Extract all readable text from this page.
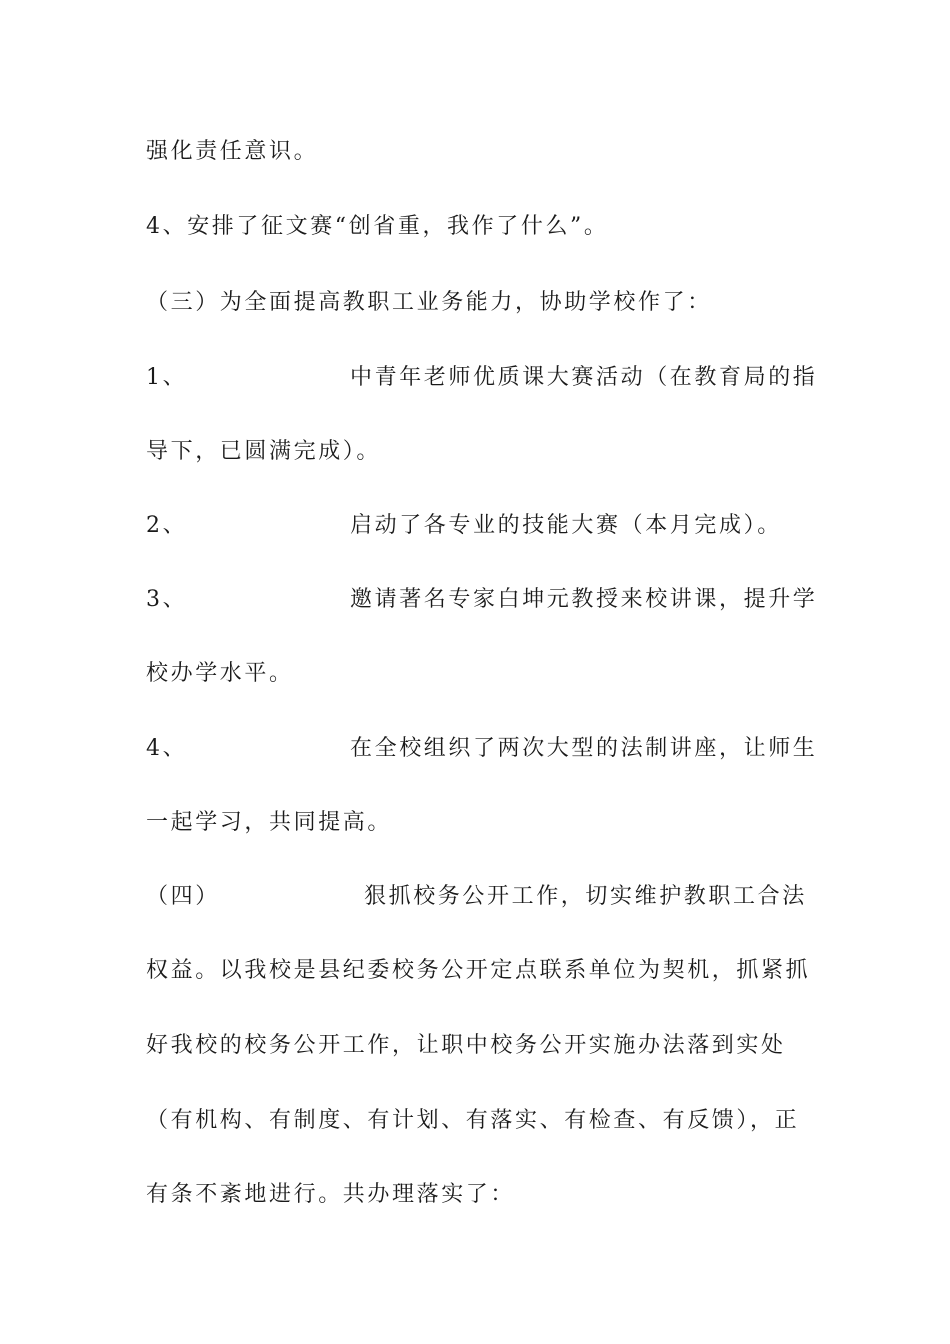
强化责任意识。
4、安排了征文赛“创省重，我作了什么”。
（三）为全面提高教职工业务能力，协助学校作了：
1、	中青年老师优质课大赛活动（在教育局的指
导下，已圆满完成）。
2、	启动了各专业的技能大赛（本月完成）。
3、	邀请著名专家白坤元教授来校讲课，提升学
校办学水平。
4、	在全校组织了两次大型的法制讲座，让师生
一起学习，共同提高。
（四）	狠抓校务公开工作，切实维护教职工合法
权益。以我校是县纪委校务公开定点联系单位为契机，抓紧抓
好我校的校务公开工作，让职中校务公开实施办法落到实处
（有机构、有制度、有计划、有落实、有检查、有反馈），正
有条不紊地进行。共办理落实了：
